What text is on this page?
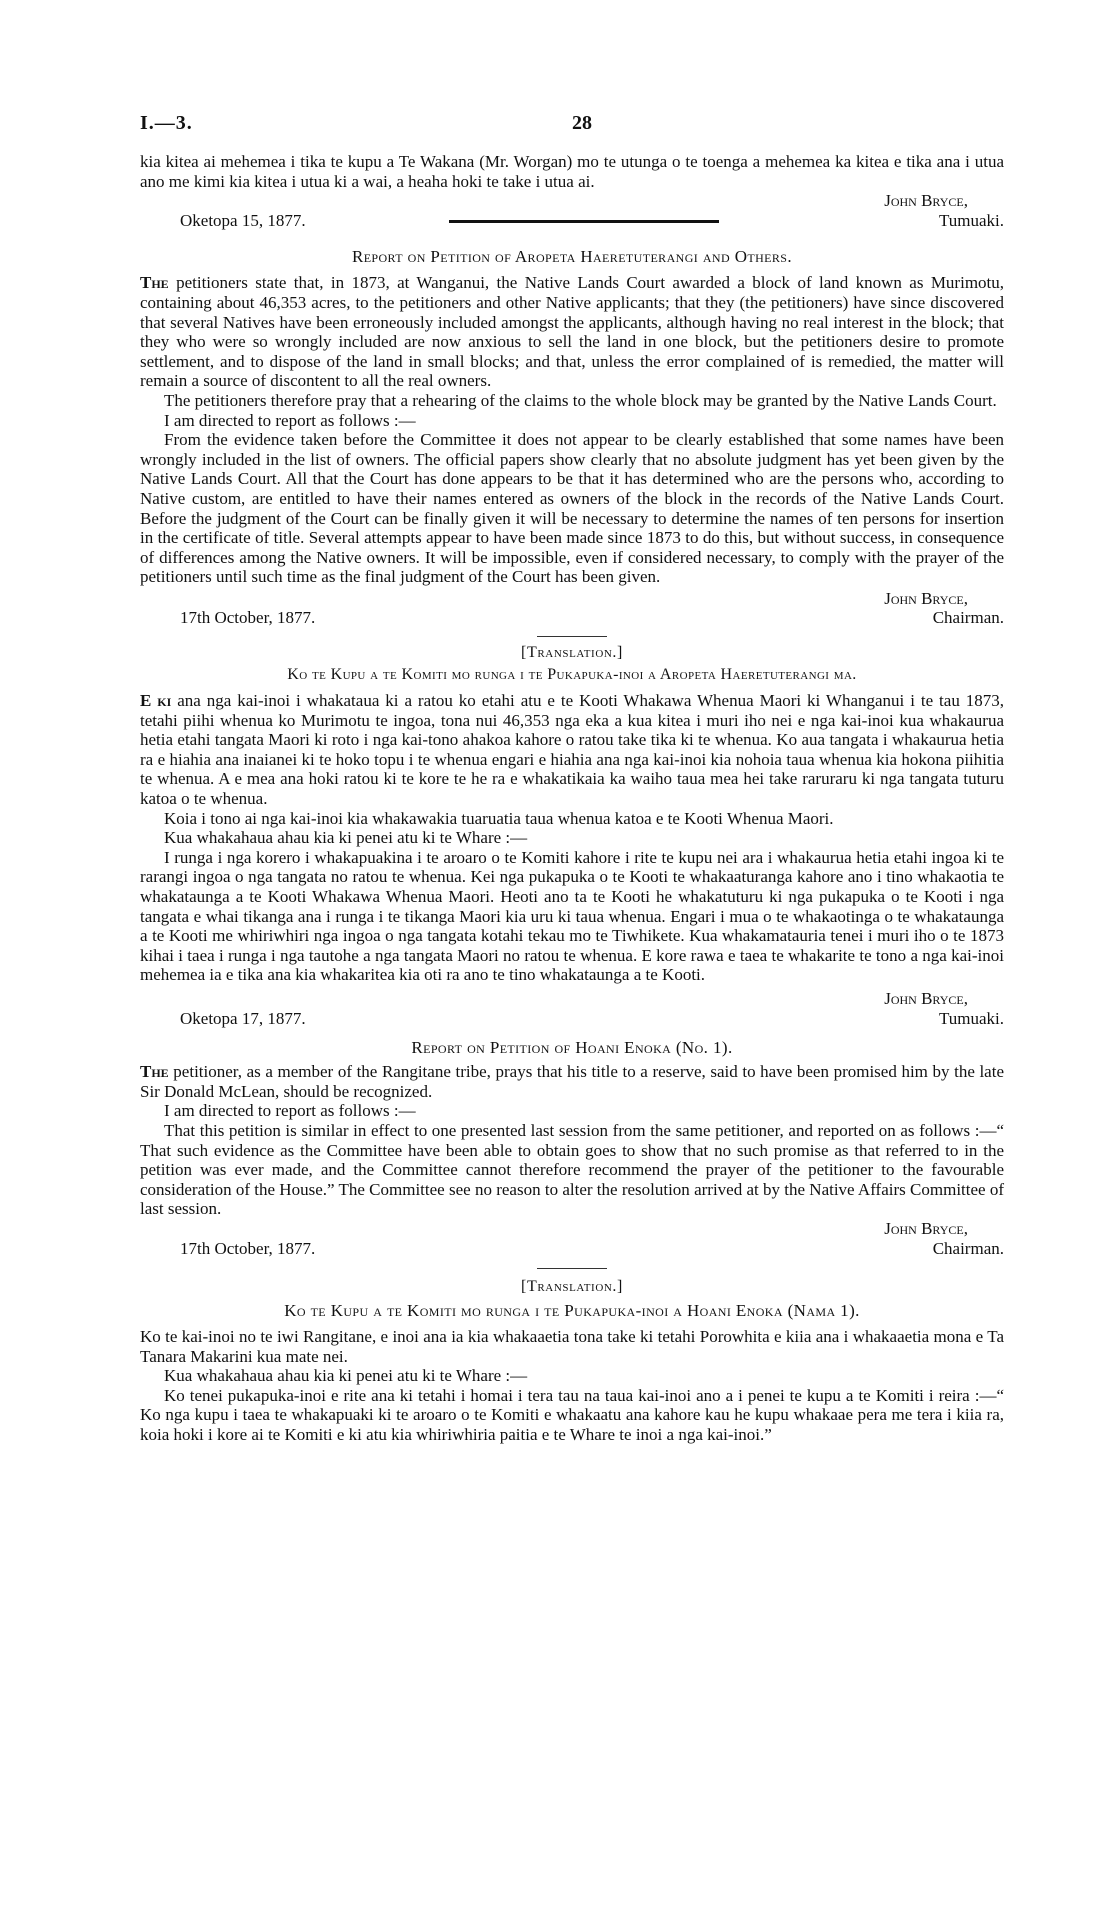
I.—3.	28

kia kitea ai mehemea i tika te kupu a Te Wakana (Mr. Worgan) mo te utunga o te toenga a mehemea ka kitea e tika ana i utua ano me kimi kia kitea i utua ki a wai, a heaha hoki te take i utua ai.

Oketopa 15, 1877.
John Bryce,
Tumuaki.
Report on Petition of Aropeta Haeretuterangi and Others.

The petitioners state that, in 1873, at Wanganui, the Native Lands Court awarded a block of land known as Murimotu, containing about 46,353 acres, to the petitioners and other Native applicants; that they (the petitioners) have since discovered that several Natives have been erroneously included amongst the applicants, although having no real interest in the block; that they who were so wrongly included are now anxious to sell the land in one block, but the petitioners desire to promote settlement, and to dispose of the land in small blocks; and that, unless the error complained of is remedied, the matter will remain a source of discontent to all the real owners.

The petitioners therefore pray that a rehearing of the claims to the whole block may be granted by the Native Lands Court.

I am directed to report as follows :—

From the evidence taken before the Committee it does not appear to be clearly established that some names have been wrongly included in the list of owners. The official papers show clearly that no absolute judgment has yet been given by the Native Lands Court. All that the Court has done appears to be that it has determined who are the persons who, according to Native custom, are entitled to have their names entered as owners of the block in the records of the Native Lands Court. Before the judgment of the Court can be finally given it will be necessary to determine the names of ten persons for insertion in the certificate of title. Several attempts appear to have been made since 1873 to do this, but without success, in consequence of differences among the Native owners. It will be impossible, even if considered necessary, to comply with the prayer of the petitioners until such time as the final judgment of the Court has been given.

17th October, 1877.
John Bryce,
Chairman.
[Translation.]
Ko te Kupu a te Komiti mo runga i te Pukapuka-inoi a Aropeta Haeretuterangi ma.

E ki ana nga kai-inoi i whakataua ki a ratou ko etahi atu e te Kooti Whakawa Whenua Maori ki Whanganui i te tau 1873, tetahi piihi whenua ko Murimotu te ingoa, tona nui 46,353 nga eka a kua kitea i muri iho nei e nga kai-inoi kua whakaurua hetia etahi tangata Maori ki roto i nga kai-tono ahakoa kahore o ratou take tika ki te whenua. Ko aua tangata i whakaurua hetia ra e hiahia ana inaianei ki te hoko topu i te whenua engari e hiahia ana nga kai-inoi kia nohoia taua whenua kia hokona piihitia te whenua. A e mea ana hoki ratou ki te kore te he ra e whakatikaia ka waiho taua mea hei take raruraru ki nga tangata tuturu katoa o te whenua.

Koia i tono ai nga kai-inoi kia whakawakia tuaruatia taua whenua katoa e te Kooti Whenua Maori.

Kua whakahaua ahau kia ki penei atu ki te Whare :—

I runga i nga korero i whakapuakina i te aroaro o te Komiti kahore i rite te kupu nei ara i whakaurua hetia etahi ingoa ki te rarangi ingoa o nga tangata no ratou te whenua. Kei nga pukapuka o te Kooti te whakaaturanga kahore ano i tino whakaotia te whakataunga a te Kooti Whakawa Whenua Maori. Heoti ano ta te Kooti he whakatuturu ki nga pukapuka o te Kooti i nga tangata e whai tikanga ana i runga i te tikanga Maori kia uru ki taua whenua. Engari i mua o te whakaotinga o te whakataunga a te Kooti me whiriwhiri nga ingoa o nga tangata kotahi tekau mo te Tiwhikete. Kua whakamatauria tenei i muri iho o te 1873 kihai i taea i runga i nga tautohe a nga tangata Maori no ratou te whenua. E kore rawa e taea te whakarite te tono a nga kai-inoi mehemea ia e tika ana kia whakaritea kia oti ra ano te tino whakataunga a te Kooti.

Oketopa 17, 1877.
John Bryce,
Tumuaki.
Report on Petition of Hoani Enoka (No. 1).

The petitioner, as a member of the Rangitane tribe, prays that his title to a reserve, said to have been promised him by the late Sir Donald McLean, should be recognized.

I am directed to report as follows :—

That this petition is similar in effect to one presented last session from the same petitioner, and reported on as follows :—“ That such evidence as the Committee have been able to obtain goes to show that no such promise as that referred to in the petition was ever made, and the Committee cannot therefore recommend the prayer of the petitioner to the favourable consideration of the House.” The Committee see no reason to alter the resolution arrived at by the Native Affairs Committee of last session.

17th October, 1877.
John Bryce,
Chairman.
[Translation.]
Ko te Kupu a te Komiti mo runga i te Pukapuka-inoi a Hoani Enoka (Nama 1).

Ko te kai-inoi no te iwi Rangitane, e inoi ana ia kia whakaaetia tona take ki tetahi Porowhita e kiia ana i whakaaetia mona e Ta Tanara Makarini kua mate nei.

Kua whakahaua ahau kia ki penei atu ki te Whare :—

Ko tenei pukapuka-inoi e rite ana ki tetahi i homai i tera tau na taua kai-inoi ano a i penei te kupu a te Komiti i reira :—“ Ko nga kupu i taea te whakapuaki ki te aroaro o te Komiti e whakaatu ana kahore kau he kupu whakaae pera me tera i kiia ra, koia hoki i kore ai te Komiti e ki atu kia whiriwhiria paitia e te Whare te inoi a nga kai-inoi.”
